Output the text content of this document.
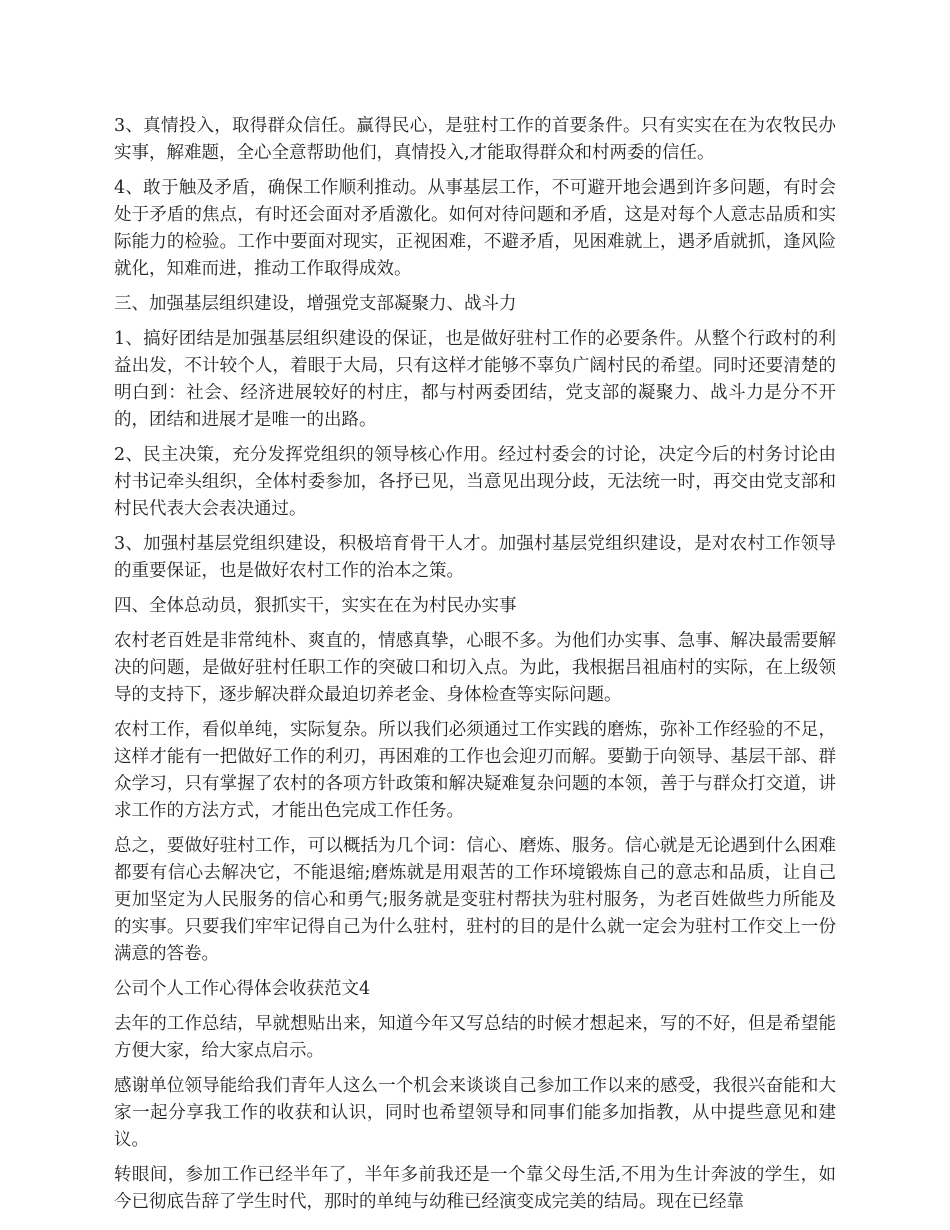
3、真情投入，取得群众信任。赢得民心，是驻村工作的首要条件。只有实实在在为农牧民办实事，解难题，全心全意帮助他们，真情投入,才能取得群众和村两委的信任。

4、敢于触及矛盾，确保工作顺利推动。从事基层工作，不可避开地会遇到许多问题，有时会处于矛盾的焦点，有时还会面对矛盾激化。如何对待问题和矛盾，这是对每个人意志品质和实际能力的检验。工作中要面对现实，正视困难，不避矛盾，见困难就上，遇矛盾就抓，逢风险就化，知难而进，推动工作取得成效。

三、加强基层组织建设，增强党支部凝聚力、战斗力

1、搞好团结是加强基层组织建设的保证，也是做好驻村工作的必要条件。从整个行政村的利益出发，不计较个人，着眼于大局，只有这样才能够不辜负广阔村民的希望。同时还要清楚的明白到：社会、经济进展较好的村庄，都与村两委团结，党支部的凝聚力、战斗力是分不开的，团结和进展才是唯一的出路。

2、民主决策，充分发挥党组织的领导核心作用。经过村委会的讨论，决定今后的村务讨论由村书记牵头组织，全体村委参加，各抒已见，当意见出现分歧，无法统一时，再交由党支部和村民代表大会表决通过。

3、加强村基层党组织建设，积极培育骨干人才。加强村基层党组织建设，是对农村工作领导的重要保证，也是做好农村工作的治本之策。

四、全体总动员，狠抓实干，实实在在为村民办实事

农村老百姓是非常纯朴、爽直的，情感真挚，心眼不多。为他们办实事、急事、解决最需要解决的问题，是做好驻村任职工作的突破口和切入点。为此，我根据吕祖庙村的实际，在上级领导的支持下，逐步解决群众最迫切养老金、身体检查等实际问题。

农村工作，看似单纯，实际复杂。所以我们必须通过工作实践的磨炼，弥补工作经验的不足，这样才能有一把做好工作的利刃，再困难的工作也会迎刃而解。要勤于向领导、基层干部、群众学习，只有掌握了农村的各项方针政策和解决疑难复杂问题的本领，善于与群众打交道，讲求工作的方法方式，才能出色完成工作任务。

总之，要做好驻村工作，可以概括为几个词：信心、磨炼、服务。信心就是无论遇到什么困难都要有信心去解决它，不能退缩;磨炼就是用艰苦的工作环境锻炼自己的意志和品质，让自己更加坚定为人民服务的信心和勇气;服务就是变驻村帮扶为驻村服务，为老百姓做些力所能及的实事。只要我们牢牢记得自己为什么驻村，驻村的目的是什么就一定会为驻村工作交上一份满意的答卷。

公司个人工作心得体会收获范文4

去年的工作总结，早就想贴出来，知道今年又写总结的时候才想起来，写的不好，但是希望能方便大家，给大家点启示。

感谢单位领导能给我们青年人这么一个机会来谈谈自己参加工作以来的感受，我很兴奋能和大家一起分享我工作的收获和认识，同时也希望领导和同事们能多加指教，从中提些意见和建议。

转眼间，参加工作已经半年了，半年多前我还是一个靠父母生活,不用为生计奔波的学生，如今已彻底告辞了学生时代，那时的单纯与幼稚已经演变成完美的结局。现在已经靠
